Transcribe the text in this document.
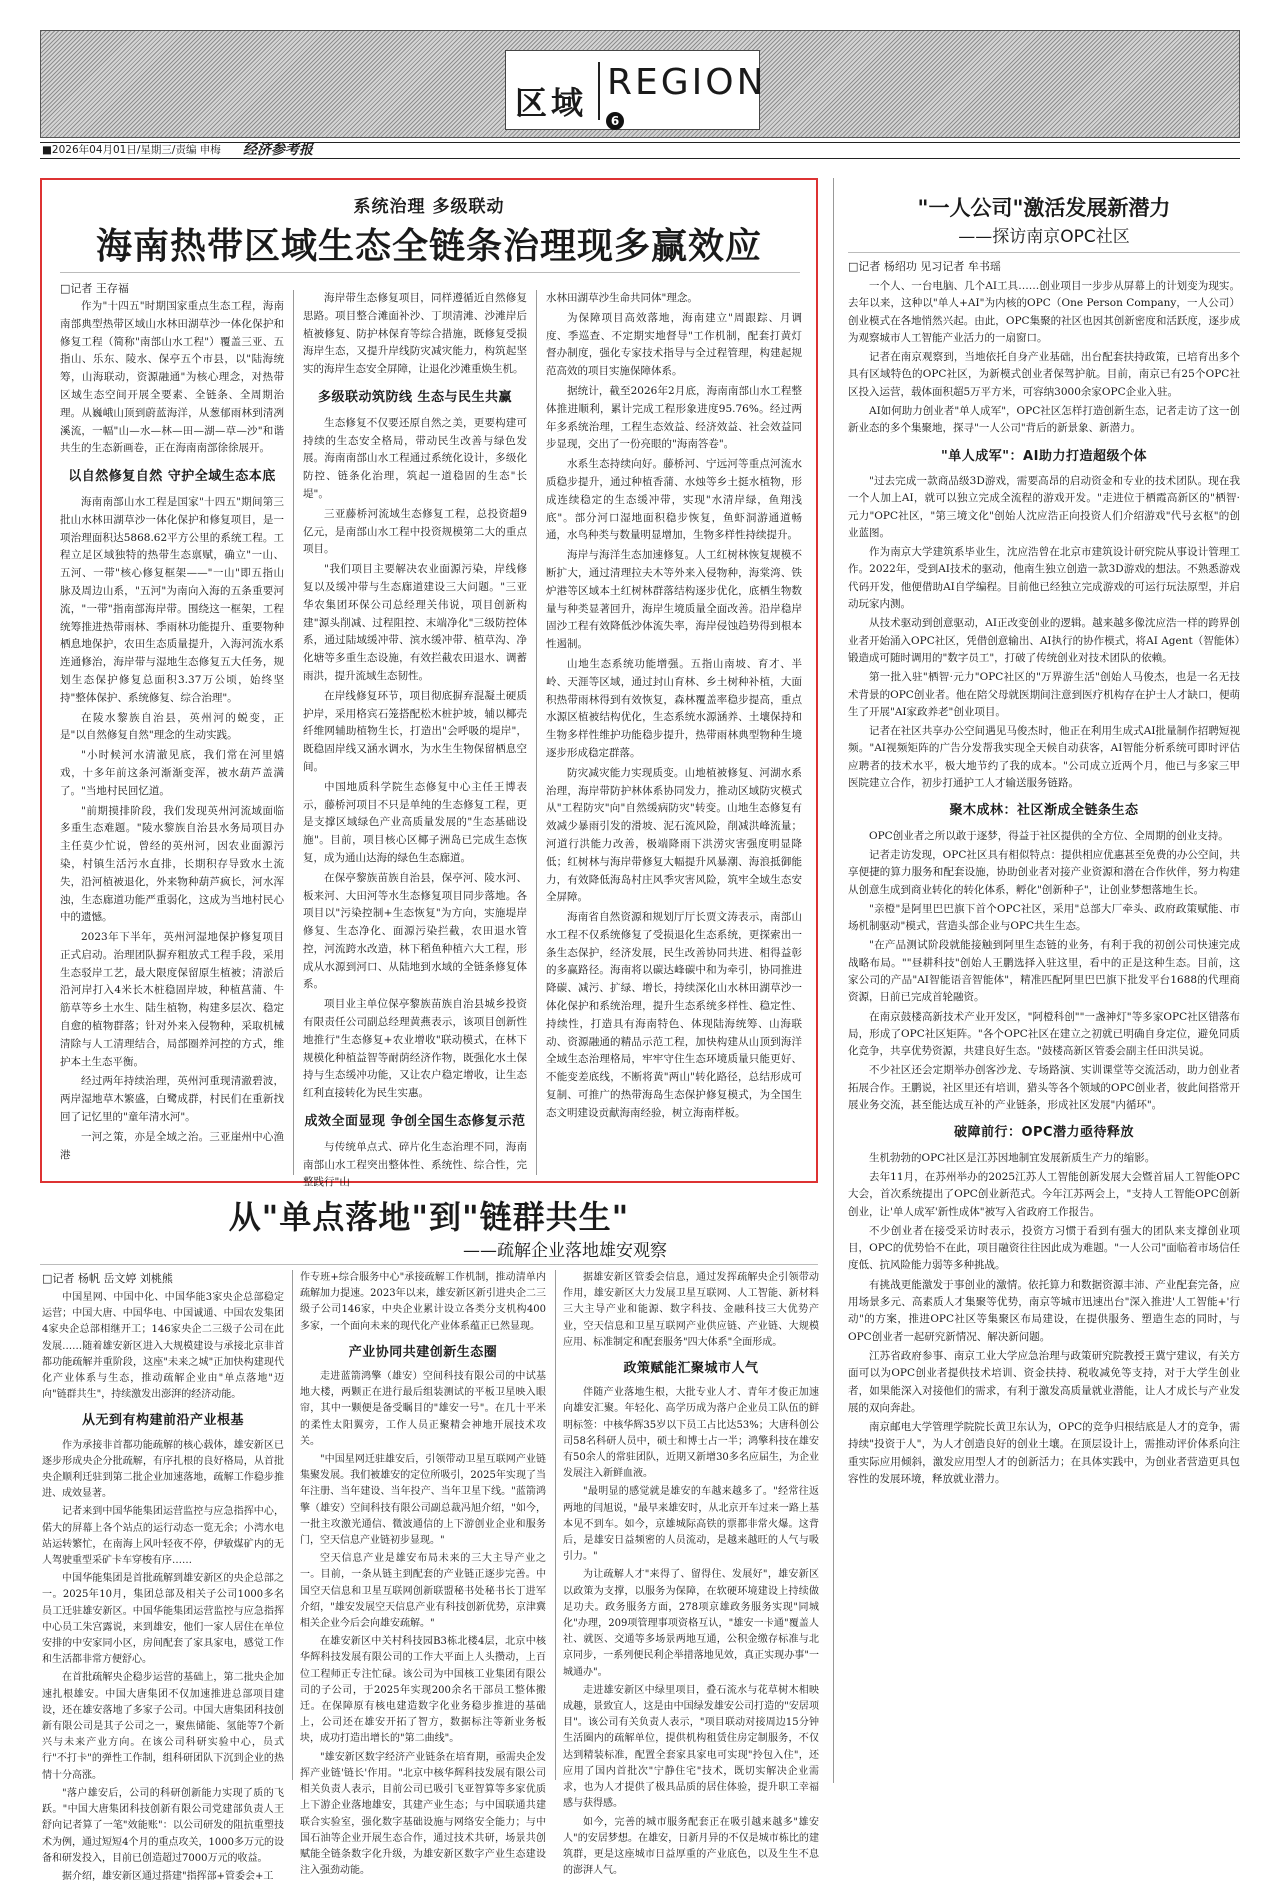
区域 REGION
6
■2026年04月01日/星期三/责编 申梅 经济参考报
系统治理 多级联动
海南热带区域生态全链条治理现多赢效应
□记者 王存福

作为"十四五"时期国家重点生态工程，海南南部典型热带区域山水林田湖草沙一体化保护和修复工程（简称"南部山水工程"）覆盖三亚、五指山、乐东、陵水、保亭五个市县，以"陆海统筹，山海联动，资源融通"为核心理念，对热带区域生态空间开展全要素、全链条、全周期治理。从巍峨山顶到蔚蓝海洋，从葱郁雨林到清冽溪流，一幅"山—水—林—田—湖—草—沙"和谐共生的生态新画卷，正在海南南部徐徐展开。

以自然修复自然 守护全域生态本底

海南南部山水工程是国家"十四五"期间第三批山水林田湖草沙一体化保护和修复项目，是一项治理面积达5868.62平方公里的系统工程。工程立足区域独特的热带生态禀赋，确立"一山、五河、一带"核心修复框架——"一山"即五指山脉及周边山系，"五河"为南向入海的五条重要河流，"一带"指南部海岸带。围绕这一框架，工程统筹推进热带雨林、季雨林功能提升、重要物种栖息地保护，农田生态质量提升，入海河流水系连通修治，海岸带与湿地生态修复五大任务，规划生态保护修复总面积3.37万公顷，始终坚持"整体保护、系统修复、综合治理"。

在陵水黎族自治县，英州河的蜕变，正是"以自然修复自然"理念的生动实践。

"小时候河水清澈见底，我们常在河里嬉戏，十多年前这条河渐渐变浑，被水葫芦盖满了。"当地村民回忆道。

"前期摸排阶段，我们发现英州河流域面临多重生态难题。"陵水黎族自治县水务局项目办主任莫少忙说，曾经的英州河，因农业面源污染，村镇生活污水直排，长期积存导致水土流失，沿河植被退化，外来物种葫芦疯长，河水浑浊，生态廊道功能严重弱化，这成为当地村民心中的遗憾。

2023年下半年，英州河湿地保护修复项目正式启动。治理团队摒弃粗放式工程手段，采用生态驳岸工艺，最大限度保留原生植被；清淤后沿河岸打入4米长木桩稳固岸坡，种植菖蒲、牛筋草等乡土水生、陆生植物，构建多层次、稳定自愈的植物群落；针对外来入侵物种，采取机械清除与人工清理结合，局部圈养河控的方式，维护本土生态平衡。

经过两年持续治理，英州河重现清澈碧波，两岸湿地草木繁盛，白鹭成群，村民们在重新找回了记忆里的"童年清水河"。

一河之策，亦是全域之治。三亚崖州中心渔港

海岸带生态修复项目，同样遵循近自然修复思路。项目整合滩面补沙、丁坝清滩、沙滩岸后植被修复、防护林保育等综合措施，既修复受损海岸生态，又提升岸线防灾减灾能力，构筑起坚实的海岸生态安全屏障，让退化沙滩重焕生机。

多级联动筑防线 生态与民生共赢

生态修复不仅要还原自然之美，更要构建可持续的生态安全格局，带动民生改善与绿色发展。海南南部山水工程通过系统化设计，多级化防控、链条化治理，筑起一道稳固的生态"长堤"。

三亚藤桥河流域生态修复工程，总投资超9亿元，是南部山水工程中投资规模第二大的重点项目。

"我们项目主要解决农业面源污染，岸线修复以及缓冲带与生态廊道建设三大问题。"三亚华农集团环保公司总经理关伟说，项目创新构建"源头削减、过程阻控、末端净化"三级防控体系，通过陆域缓冲带、滨水缓冲带、植草沟、净化塘等多重生态设施，有效拦截农田退水、调蓄雨洪，提升流域生态韧性。

在岸线修复环节，项目彻底摒弃混凝土硬质护岸，采用格宾石笼搭配松木桩护坡，辅以椰壳纤维网辅助植物生长，打造出"会呼吸的堤岸"，既稳固岸线又涵水调水，为水生生物保留栖息空间。

中国地质科学院生态修复中心主任王博表示，藤桥河项目不只是单纯的生态修复工程，更是支撑区域绿色产业高质量发展的"生态基础设施"。目前，项目核心区椰子洲岛已完成生态恢复，成为通山达海的绿色生态廊道。

在保亭黎族苗族自治县，保亭河、陵水河、板来河、大田河等水生态修复项目同步落地。各项目以"污染控制+生态恢复"为方向，实施堤岸修复、生态净化、面源污染拦截，农田退水管控，河流跨水改造，林下稻鱼种植六大工程，形成从水源到河口、从陆地到水域的全链条修复体系。

项目业主单位保亭黎族苗族自治县城乡投资有限责任公司副总经理黄燕表示，该项目创新性地推行"生态修复+农业增收"联动模式，在林下规模化种植益智等耐荫经济作物，既强化水土保持与生态缓冲功能，又让农户稳定增收，让生态红利直接转化为民生实惠。

成效全面显现 争创全国生态修复示范

与传统单点式、碎片化生态治理不同，海南南部山水工程突出整体性、系统性、综合性，完整践行"山

水林田湖草沙生命共同体"理念。

为保障项目高效落地，海南建立"周跟踪、月调度、季巡查、不定期实地督导"工作机制，配套打黄灯督办制度，强化专家技术指导与全过程管理，构建起规范高效的项目实施保障体系。

据统计，截至2026年2月底，海南南部山水工程整体推进顺利，累计完成工程形象进度95.76%。经过两年多系统治理，工程生态效益、经济效益、社会效益同步显现，交出了一份亮眼的"海南答卷"。

水系生态持续向好。藤桥河、宁远河等重点河流水质稳步提升，通过种植香蒲、水烛等乡土挺水植物，形成连续稳定的生态缓冲带，实现"水清岸绿，鱼翔浅底"。部分河口湿地面积稳步恢复，鱼虾洞游通道畅通，水鸟种类与数量明显增加，生物多样性持续提升。

海岸与海洋生态加速修复。人工红树林恢复规模不断扩大，通过清理拉夫木等外来入侵物种，海棠湾、铁炉港等区域本土红树林群落结构逐步优化，底栖生物数量与种类显著回升，海岸生境质量全面改善。沿岸稳岸固沙工程有效降低沙体流失率，海岸侵蚀趋势得到根本性遏制。

山地生态系统功能增强。五指山南坡、育才、半岭、天涯等区域，通过封山育林、乡土树种补植，大面积热带雨林得到有效恢复，森林覆盖率稳步提高，重点水源区植被结构优化，生态系统水源涵养、土壤保持和生物多样性维护功能稳步提升，热带雨林典型物种生境逐步形成稳定群落。

防灾减灾能力实现质变。山地植被修复、河湖水系治理，海岸带防护林体系协同发力，推动区域防灾模式从"工程防灾"向"自然缓病防灾"转变。山地生态修复有效减少暴雨引发的滑坡、泥石流风险，削减洪峰流量；河道行洪能力改善，极端降雨下洪涝灾害强度明显降低；红树林与海岸带修复大幅提升风暴潮、海浪抵御能力，有效降低海岛村庄风季灾害风险，筑牢全域生态安全屏障。

海南省自然资源和规划厅厅长贾文涛表示，南部山水工程不仅系统修复了受损退化生态系统，更探索出一条生态保护，经济发展，民生改善协同共进、相得益彰的多赢路径。海南将以碳达峰碳中和为牵引，协同推进降碳、减污、扩绿、增长，持续深化山水林田湖草沙一体化保护和系统治理，提升生态系统多样性、稳定性、持续性，打造具有海南特色、体现陆海统筹、山海联动、资源融通的精品示范工程，加快构建从山顶到海洋全域生态治理格局，牢牢守住生态环境质量只能更好、不能变差底线，不断将黄"两山"转化路径，总结形成可复制、可推广的热带海岛生态保护修复模式，为全国生态文明建设贡献海南经验，树立海南样板。

"一人公司"激活发展新潜力
——探访南京OPC社区
□记者 杨绍功 见习记者 牟书瑶

一个人、一台电脑、几个AI工具……创业项目一步步从屏幕上的计划变为现实。去年以来，这种以"单人+AI"为内核的OPC（One Person Company，一人公司）创业模式在各地悄然兴起。由此，OPC集聚的社区也因其创新密度和活跃度，逐步成为观察城市人工智能产业活力的一扇窗口。

记者在南京观察到，当地依托自身产业基础，出台配套扶持政策，已培育出多个具有区域特色的OPC社区，为新模式创业者保驾护航。目前，南京已有25个OPC社区投入运营，载体面积超5万平方米，可容纳3000余家OPC企业入驻。

AI如何助力创业者"单人成军"，OPC社区怎样打造创新生态，记者走访了这一创新业态的多个集聚地，探寻"一人公司"背后的新景象、新潜力。

"单人成军"：AI助力打造超级个体

"过去完成一款商品级3D游戏，需要高昂的启动资金和专业的技术团队。现在我一个人加上AI，就可以独立完成全流程的游戏开发。"走进位于栖霞高新区的"栖智·元力"OPC社区，"第三境文化"创始人沈应浩正向投资人们介绍游戏"代号玄枢"的创业蓝图。

作为南京大学建筑系毕业生，沈应浩曾在北京市建筑设计研究院从事设计管理工作。2022年，受到AI技术的驱动，他南生独立创造一款3D游戏的想法。不熟悉游戏代码开发，他便借助AI自学编程。目前他已经独立完成游戏的可运行玩法原型，并启动玩家内测。

从技术驱动到创意驱动，AI正改变创业的逻辑。越来越多像沈应浩一样的跨界创业者开始涌入OPC社区，凭借创意输出、AI执行的协作模式，将AI Agent（智能体）锻造成可随时调用的"数字员工"，打破了传统创业对技术团队的依赖。

第一批入驻"栖智·元力"OPC社区的"万界游生活"创始人马俊杰，也是一名无技术背景的OPC创业者。他在陪父母就医期间注意到医疗机构存在护士人才缺口，便萌生了开展"AI家政养老"创业项目。

记者在社区共享办公空间遇见马俊杰时，他正在利用生成式AI批量制作招聘短视频。"AI视频矩阵的广告分发帮我实现全天候自动获客，AI智能分析系统可即时评估应聘者的技术水平，极大地节约了我的成本。"公司成立近两个月，他已与多家三甲医院建立合作，初步打通护工人才输送服务链路。

聚木成林：社区渐成全链条生态

OPC创业者之所以敢于逐梦，得益于社区提供的全方位、全周期的创业支持。

记者走访发现，OPC社区具有相似特点：提供相应优惠甚至免费的办公空间，共享便捷的算力服务和配套设施，协助创业者对接产业资源和潜在合作伙伴，努力构建从创意生成到商业转化的转化体系，孵化"创新种子"，让创业梦想落地生长。

"亲橙"是阿里巴巴旗下首个OPC社区，采用"总部大厂牵头、政府政策赋能、市场机制驱动"模式，营造头部企业与OPC共生生态。

"在产品测试阶段就能接触到阿里生态链的业务，有利于我的初创公司快速完成战略布局。""昼耕科技"创始人王鹏选择入驻这里，看中的正是这种生态。目前，这家公司的产品"AI智能语音智能体"，精准匹配阿里巴巴旗下批发平台1688的代理商资源，日前已完成首轮融资。

在南京鼓楼高新技术产业开发区，"阿橙科创""一盏神灯"等多家OPC社区错落布局，形成了OPC社区矩阵。"各个OPC社区在建立之初就已明确自身定位，避免同质化竞争，共享优势资源，共建良好生态。"鼓楼高新区管委会副主任田洪吴说。

不少社区还会定期举办创客沙龙、专场路演、实训课堂等交流活动，助力创业者拓展合作。王鹏说，社区里还有培训，猎头等各个领域的OPC创业者，彼此间搭常开展业务交流，甚至能达成互补的产业链条，形成社区发展"内循环"。

破障前行：OPC潜力亟待释放

生机勃勃的OPC社区是江苏因地制宜发展新质生产力的缩影。

去年11月，在苏州举办的2025江苏人工智能创新发展大会暨首届人工智能OPC大会，首次系统提出了OPC创业新范式。今年江苏两会上，"支持人工智能OPC创新创业，让'单人成军'新性成体"被写入省政府工作报告。

不少创业者在接受采访时表示，投资方习惯于看到有强大的团队来支撑创业项目，OPC的优势恰不在此，项目融资往往因此成为难题。"一人公司"面临着市场信任度低、抗风险能力弱等多种挑战。

有挑战更能激发于事创业的激情。依托算力和数据资源丰沛、产业配套完备，应用场景多元、高素质人才集聚等优势，南京等城市迅速出台"深入推进'人工智能+'行动"的方案，推进OPC社区等集聚区布局建设，在提供服务、塑造生态的同时，与OPC创业者一起研究新情况、解决新问题。

江苏省政府参事、南京工业大学应急治理与政策研究院教授王冀宁建议，有关方面可以为OPC创业者提供技术培训、资金扶持、税收减免等支持，对于大学生创业者，如果能深入对接他们的需求，有利于激发高质量就业潜能，让人才成长与产业发展的双向奔赴。

南京邮电大学管理学院院长黄卫东认为，OPC的竞争归根结底是人才的竞争，需持续"投资于人"，为人才创造良好的创业土壤。在顶层设计上，需推动评价体系向注重实际应用倾斜，激发应用型人才的创新活力；在具体实践中，为创业者营造更具包容性的发展环境，释放就业潜力。

从"单点落地"到"链群共生"
——疏解企业落地雄安观察
□记者 杨帆 岳文婷 刘桃熊

中国星网、中国中化、中国华能3家央企总部稳定运营；中国大唐、中国华电、中国诚通、中国农发集团4家央企总部相继开工；146家央企二三级子公司在此发展……随着雄安新区进入大规模建设与承接北京非首都功能疏解并重阶段，这座"未来之城"正加快构建现代化产业体系与生态，推动疏解企业由"单点落地"迈向"链群共生"，持续激发出澎湃的经济动能。

从无到有构建前沿产业根基

作为承接非首都功能疏解的核心载体，雄安新区已逐步形成央企分批疏解，有序扎根的良好格局，从首批央企顺利迁驻到第二批企业加速落地，疏解工作稳步推进、成效显著。

记者来到中国华能集团运营监控与应急指挥中心，偌大的屏幕上各个站点的运行动态一览无余；小湾水电站运转繁忙，在南海上风叶轻夜不停，伊敏煤矿内的无人驾驶重型采矿卡车穿梭有序……

中国华能集团是首批疏解到雄安新区的央企总部之一。2025年10月，集团总部及相关子公司1000多名员工迁驻雄安新区。中国华能集团运营监控与应急指挥中心员工朱宫露说，来到雄安，他们一家人居住在单位安排的中安家同小区，房间配套了家具家电，感觉工作和生活都非常方便舒心。

在首批疏解央企稳步运营的基础上，第二批央企加速扎根雄安。中国大唐集团不仅加速推进总部项目建设，还在雄安落地了多家子公司。中国大唐集团科技创新有限公司是其子公司之一，聚焦储能、氢能等7个新兴与未来产业方向。在该公司科研实验中心，员式行"不打卡"的弹性工作制，组科研团队下沉到企业的热情十分高涨。

"落户雄安后，公司的科研创新能力实现了质的飞跃。"中国大唐集团科技创新有限公司党建部负责人王舒向记者算了一笔"效能账"：以公司研发的阻抗重塑技术为例，通过短短4个月的重点攻关，1000多万元的设备和研发投入，目前已创造超过7000万元的收益。

据介绍，雄安新区通过搭建"指挥部+管委会+工

作专班+综合服务中心"承接疏解工作机制，推动清单内疏解加力提速。2023年以来，雄安新区新引进央企二三级子公司146家，中央企业累计设立各类分支机构400多家，一个面向未来的现代化产业体系蕴正已然显现。

产业协同共建创新生态圈

走进蓝箭鸿擎（雄安）空间科技有限公司的中试基地大楼，两颗正在进行最后组装测试的平板卫星映入眼帘，其中一颗便是备受瞩目的"雄安一号"。在几十平米的柔性太阳翼旁，工作人员正聚精会神地开展技术攻关。

"中国星网迁驻雄安后，引领带动卫星互联网产业链集聚发展。我们被雄安的定位所吸引，2025年实现了当年注册、当年建设、当年投产、当年卫星下线。"蓝箭鸿擎（雄安）空间科技有限公司副总裁冯旭介绍，"如今，一批主攻激光通信、微波通信的上下游创业企业和服务门，空天信息产业链初步显现。"

空天信息产业是雄安布局未来的三大主导产业之一。目前，一条从链主到配套的产业链正逐步完善。中国空天信息和卫星互联网创新联盟秘书处秘书长丁进军介绍，"雄安发展空天信息产业有科技创新优势，京津冀相关企业今后会向雄安疏解。"

在雄安新区中关村科技园B3栋北楼4层，北京中核华辉科技发展有限公司的工作大平面上人头攒动，上百位工程师正专注忙碌。该公司为中国核工业集团有限公司的子公司，于2025年实现200余名干部员工整体搬迁。在保障原有核电建造数字化业务稳步推进的基础上，公司还在雄安开拓了智方，数据标注等新业务板块，成功打造出增长的"第二曲线"。

"雄安新区数字经济产业链条在培育期，亟需央企发挥产业链'链长'作用。"北京中核华辉科技发展有限公司相关负责人表示，目前公司已吸引飞亚智算等多家优质上下游企业落地雄安，其建产业生态；与中国联通共建联合实验室，强化数字基础设施与网络安全能力；与中国石油等企业开展生态合作，通过技术共研，场景共创赋能全链条数字化升级，为雄安新区数字产业生态建设注入强劲动能。

据雄安新区管委会信息，通过发挥疏解央企引领带动作用，雄安新区大力发展卫星互联网、人工智能、新材料三大主导产业和能源、数字科技、金融科技三大优势产业，空天信息和卫星互联网产业供应链、产业链、大规模应用、标准制定和配套服务"四大体系"全面形成。

政策赋能汇聚城市人气

伴随产业落地生根，大批专业人才、青年才俊正加速向雄安汇聚。年轻化、高学历成为落户企业员工队伍的鲜明标签：中核华辉35岁以下员工占比达53%；大唐科创公司58名科研人员中，硕士和博士占一半；鸿擎科技在雄安有50余人的常驻团队，近期又新增30多名应届生，为企业发展注入新鲜血液。

"最明显的感觉就是雄安的车越来越多了。"经常往返两地的闫旭说，"最早来雄安时，从北京开车过来一路上基本见不到车。如今，京雄城际高铁的票都非常火爆。这背后，是雄安日益频密的人员流动，是越来越旺的人气与吸引力。"

为让疏解人才"来得了、留得住、发展好"，雄安新区以政策为支撑，以服务为保障，在软硬环境建设上持续做足功夫。政务服务方面，278项京雄政务服务实现"同城化"办理，209项管理事项资格互认，"雄安一卡通"覆盖人社、就医、交通等多场景两地互通，公积金缴存标准与北京同步，一系列便民利企举措落地见效，真正实现办事"一城通办"。

走进雄安新区中绿里项目，叠石流水与花草树木相映成趣，景致宜人，这是由中国绿发雄安公司打造的"安居项目"。该公司有关负责人表示，"项目联动对接周边15分钟生活圈内的疏解单位，提供机构租赁住房定制服务，不仅达到精装标准，配置全套家具家电可实现"拎包入住"，还应用了国内首批次"宁静住宅"技术，既切实解决企业需求，也为人才提供了极具品质的居住体验，提升职工幸福感与获得感。

如今，完善的城市服务配套正在吸引越来越多"雄安人"的安居梦想。在雄安，日新月异的不仅是城市栋比的建筑群，更是这座城市日益厚重的产业底色，以及生生不息的澎湃人气。
